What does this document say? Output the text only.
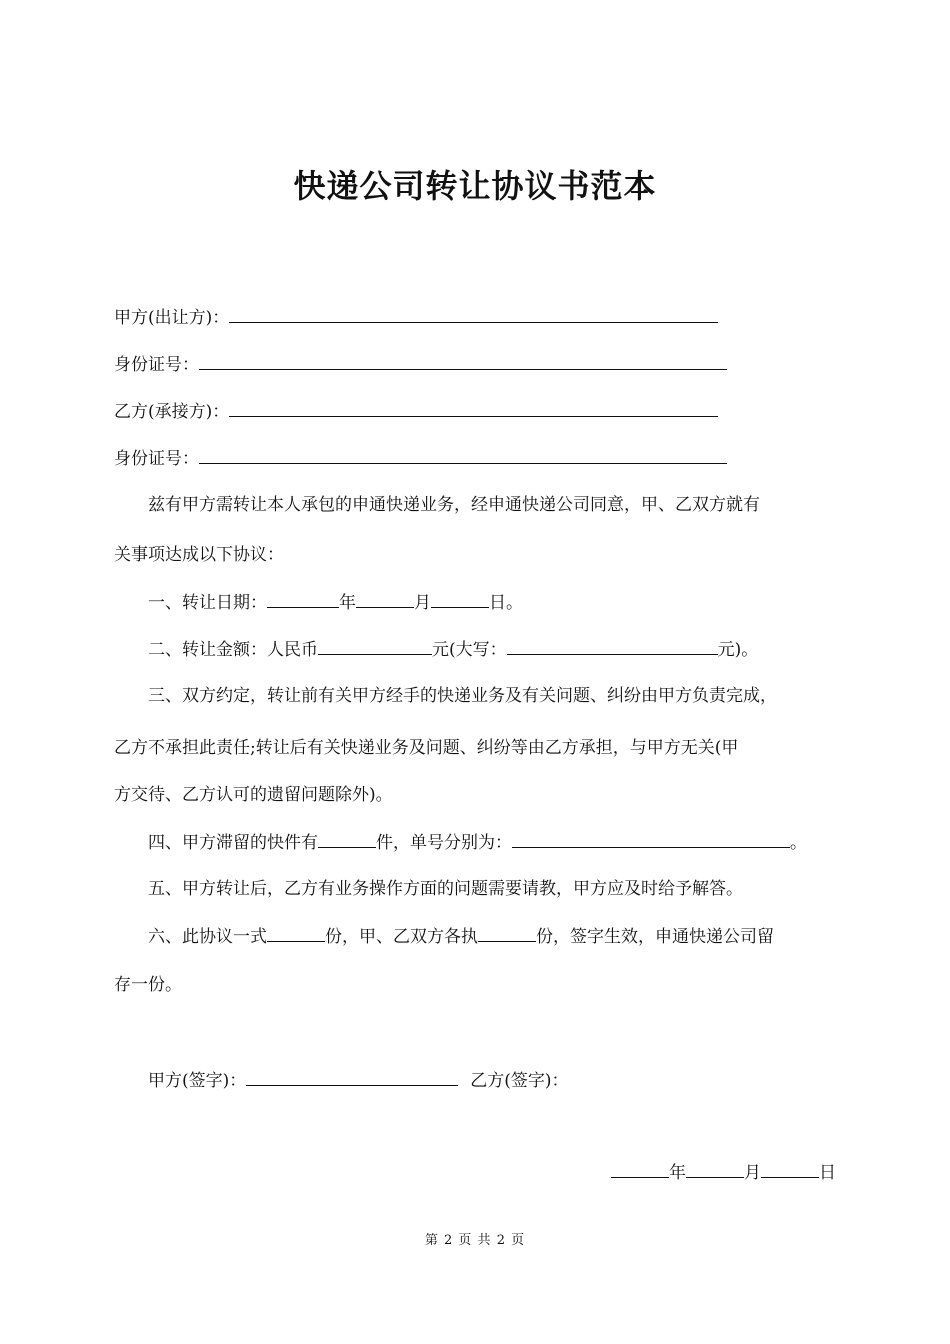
快递公司转让协议书范本
甲方(出让方)：
身份证号：
乙方(承接方)：
身份证号：
兹有甲方需转让本人承包的申通快递业务，经申通快递公司同意，甲、乙双方就有
关事项达成以下协议：
一、转让日期：	年	月	日。
二、转让金额：人民币	元(大写：	元)。
三、双方约定，转让前有关甲方经手的快递业务及有关问题、纠纷由甲方负责完成，
乙方不承担此责任;转让后有关快递业务及问题、纠纷等由乙方承担，与甲方无关(甲
方交待、乙方认可的遗留问题除外)。
四、甲方滞留的快件有	件，单号分别为：	。
五、甲方转让后，乙方有业务操作方面的问题需要请教，甲方应及时给予解答。
六、此协议一式	份，甲、乙双方各执	份，签字生效，申通快递公司留
存一份。
甲方(签字)：	乙方(签字)：
年	月	日
第 2 页 共 2 页
